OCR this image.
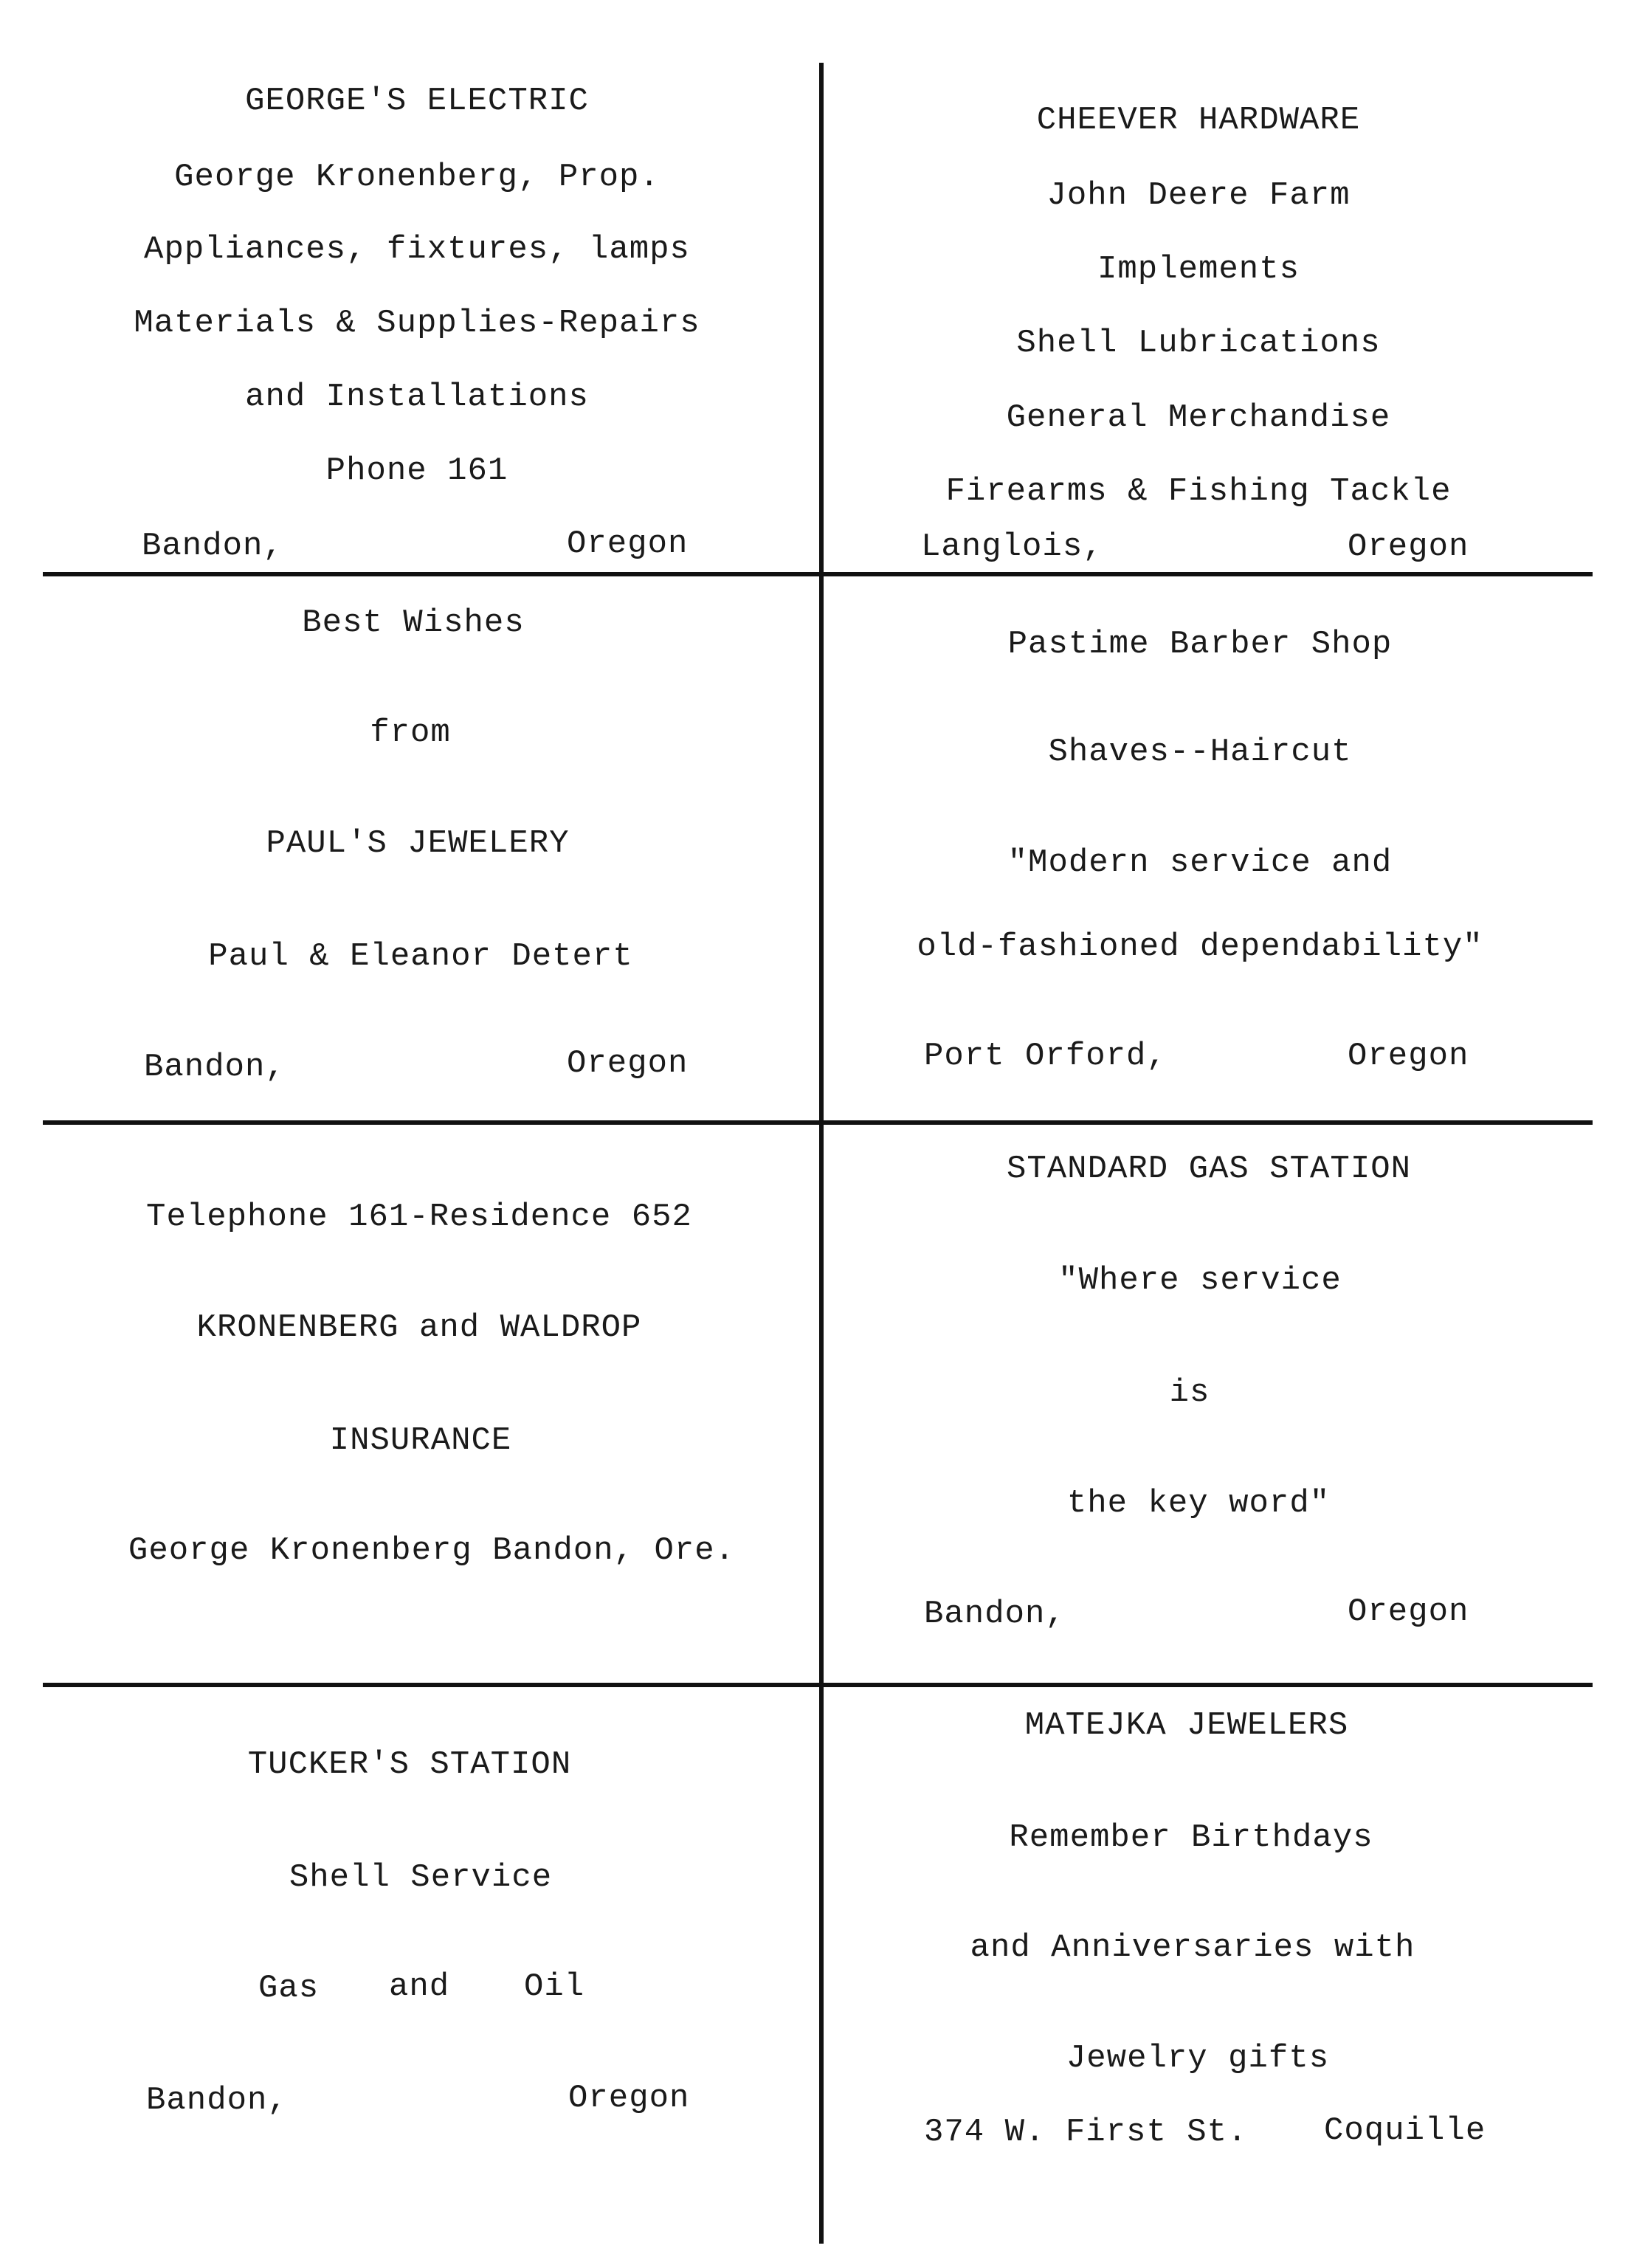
GEORGE'S ELECTRIC
George Kronenberg, Prop.
Appliances, fixtures, lamps
Materials & Supplies-Repairs
and Installations
Phone 161
Bandon,	Oregon
CHEEVER HARDWARE
John Deere Farm
Implements
Shell Lubrications
General Merchandise
Firearms & Fishing Tackle
Langlois,	Oregon
Best Wishes
from
PAUL'S JEWELERY
Paul & Eleanor Detert
Bandon,	Oregon
Pastime Barber Shop
Shaves--Haircut
"Modern service and
old-fashioned dependability"
Port Orford,	Oregon
Telephone 161-Residence 652
KRONENBERG and WALDROP
INSURANCE
George Kronenberg Bandon, Ore.
STANDARD GAS STATION
"Where service
is
the key word"
Bandon,	Oregon
TUCKER'S STATION
Shell Service
Gas and Oil
Bandon,	Oregon
MATEJKA JEWELERS
Remember Birthdays
and Anniversaries with
Jewelry gifts
374 W. First St. Coquille
